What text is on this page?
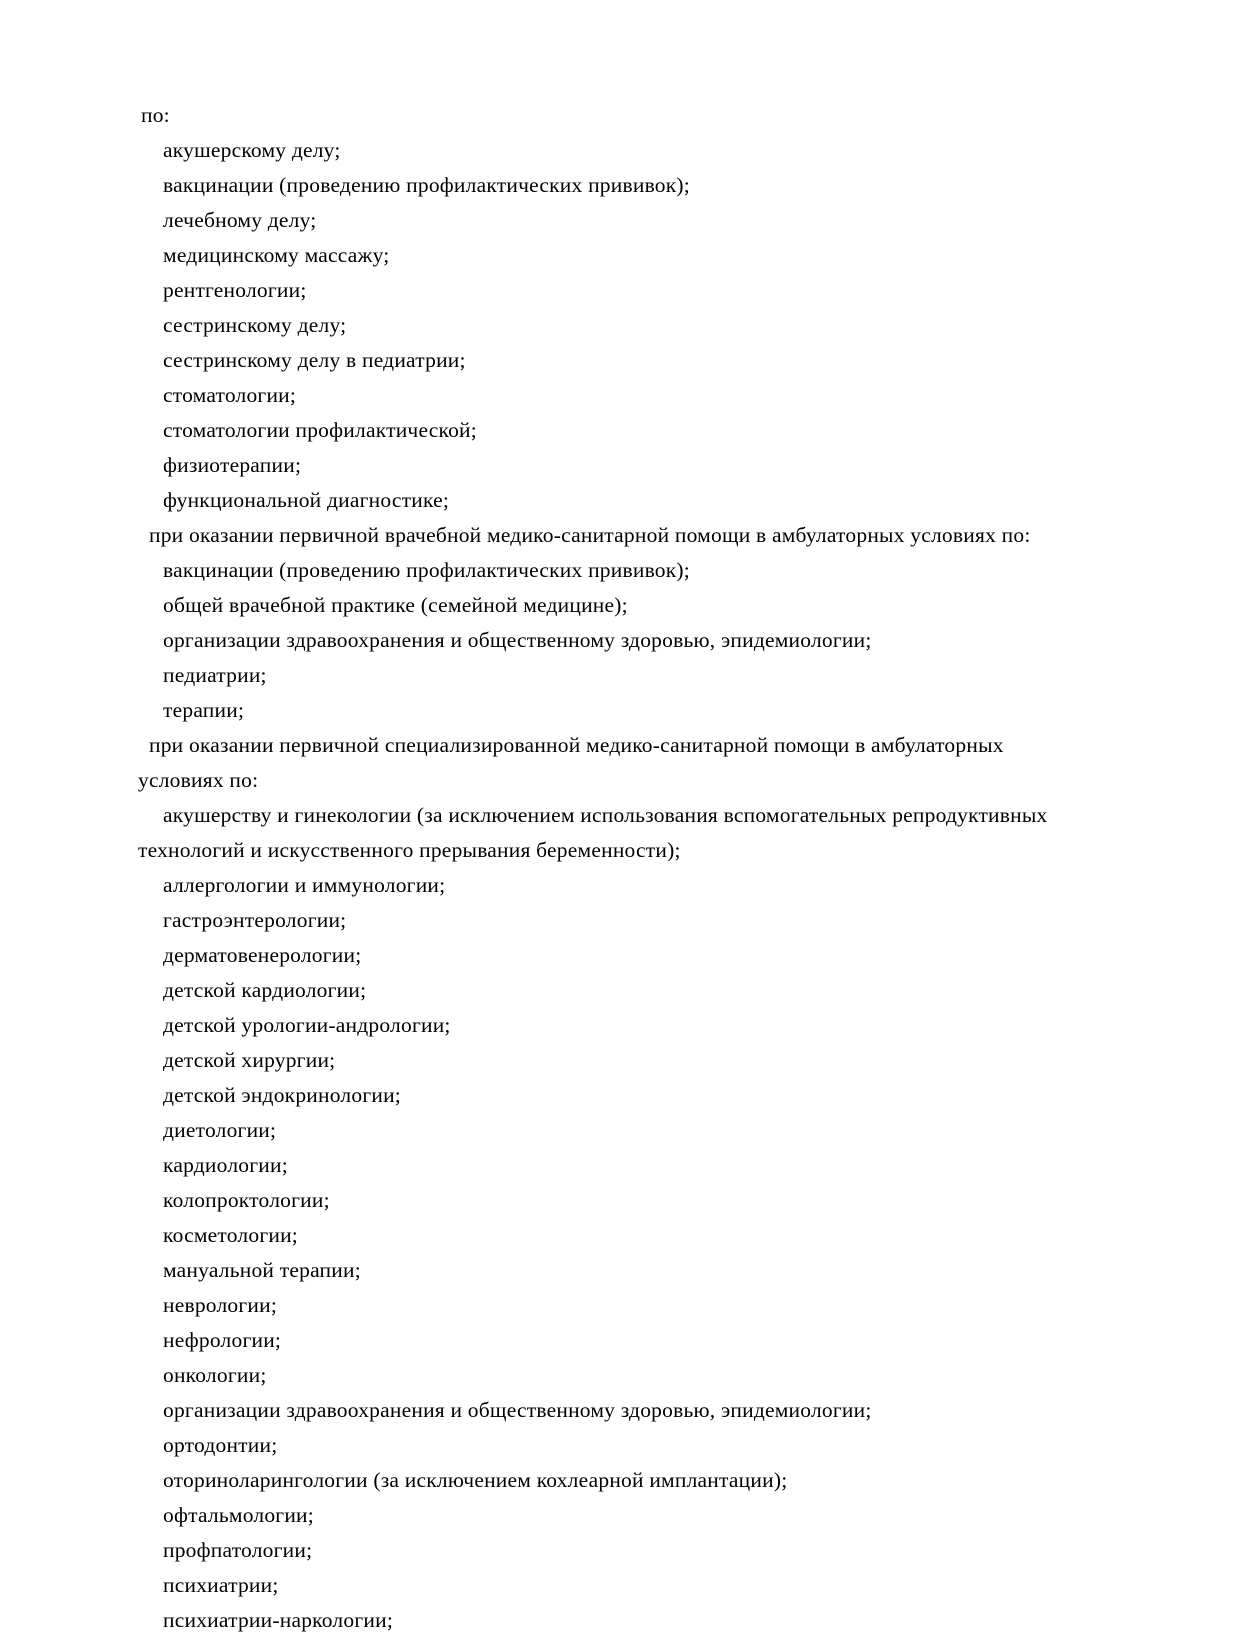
по:
акушерскому делу;
вакцинации (проведению профилактических прививок);
лечебному делу;
медицинскому массажу;
рентгенологии;
сестринскому делу;
сестринскому делу в педиатрии;
стоматологии;
стоматологии профилактической;
физиотерапии;
функциональной диагностике;
при оказании первичной врачебной медико-санитарной помощи в амбулаторных условиях по:
вакцинации (проведению профилактических прививок);
общей врачебной практике (семейной медицине);
организации здравоохранения и общественному здоровью, эпидемиологии;
педиатрии;
терапии;
при оказании первичной специализированной медико-санитарной помощи в амбулаторных
условиях по:
акушерству и гинекологии (за исключением использования вспомогательных репродуктивных
технологий и искусственного прерывания беременности);
аллергологии и иммунологии;
гастроэнтерологии;
дерматовенерологии;
детской кардиологии;
детской урологии-андрологии;
детской хирургии;
детской эндокринологии;
диетологии;
кардиологии;
колопроктологии;
косметологии;
мануальной терапии;
неврологии;
нефрологии;
онкологии;
организации здравоохранения и общественному здоровью, эпидемиологии;
ортодонтии;
оториноларингологии (за исключением кохлеарной имплантации);
офтальмологии;
профпатологии;
психиатрии;
психиатрии-наркологии;
